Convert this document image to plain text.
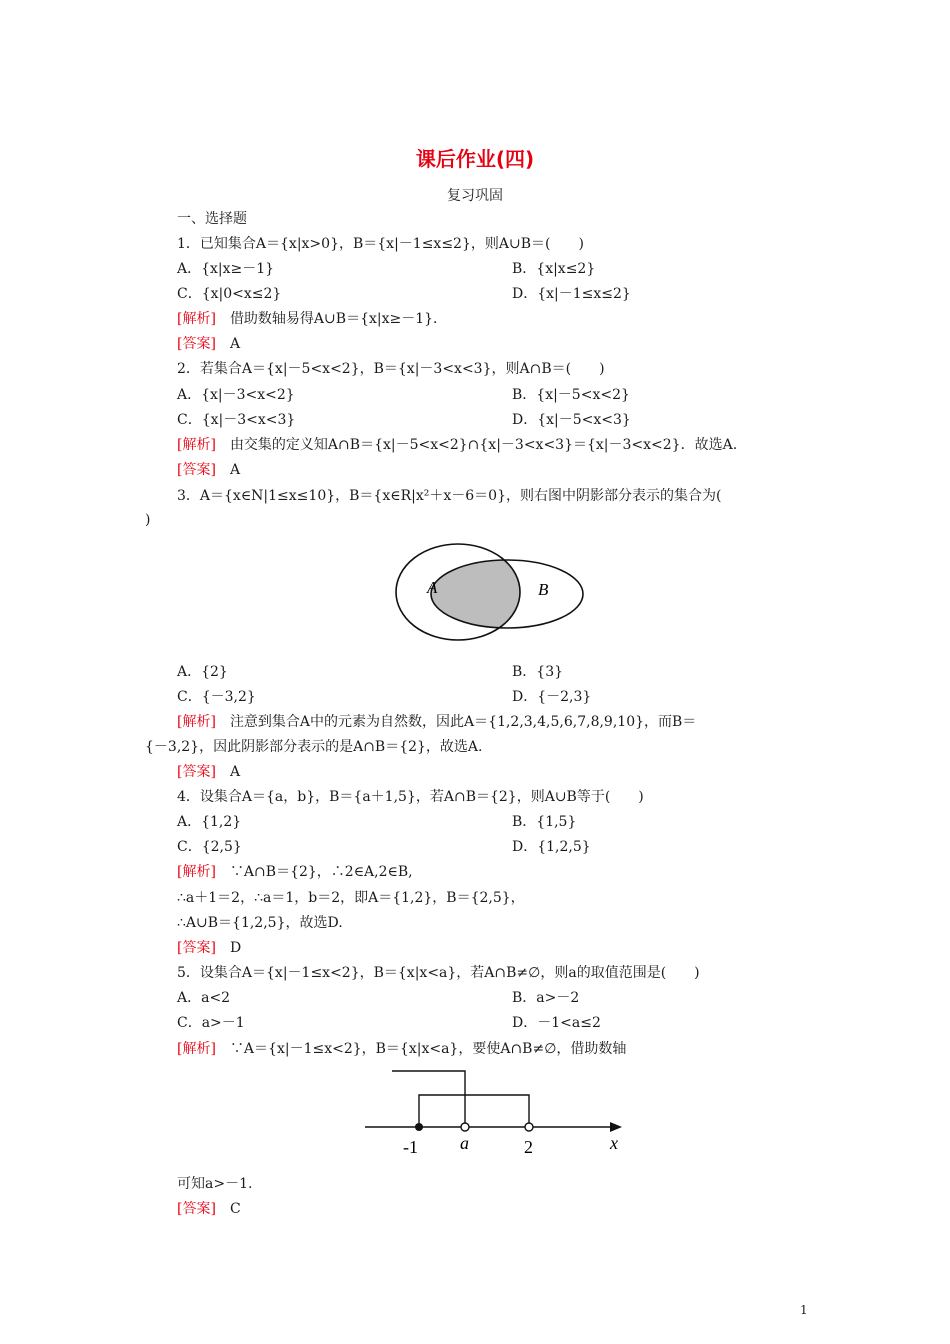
课后作业(四)
复习巩固
一、选择题
1．已知集合A＝{x|x>0}，B＝{x|－1≤x≤2}，则A∪B＝(　　)
A．{x|x≥－1}	B．{x|x≤2}
C．{x|0<x≤2}	D．{x|－1≤x≤2}
[解析]　 借助数轴易得A∪B＝{x|x≥－1}．
[答案]　 A
2．若集合A＝{x|－5<x<2}，B＝{x|－3<x<3}，则A∩B＝(　　)
A．{x|－3<x<2}	B．{x|－5<x<2}
C．{x|－3<x<3}	D．{x|－5<x<3}
[解析]　 由交集的定义知A∩B＝{x|－5<x<2}∩{x|－3<x<3}＝{x|－3<x<2}．故选A.
[答案]　 A
3．A＝{x∈N|1≤x≤10}，B＝{x∈R|x²＋x－6＝0}，则右图中阴影部分表示的集合为(
)
A	B
A．{2}	B．{3}
C．{－3,2}	D．{－2,3}
[解析]　 注意到集合A中的元素为自然数，因此A＝{1,2,3,4,5,6,7,8,9,10}，而B＝
{－3,2}，因此阴影部分表示的是A∩B＝{2}，故选A.
[答案]　 A
4．设集合A＝{a，b}，B＝{a＋1,5}，若A∩B＝{2}，则A∪B等于(　　)
A．{1,2}	B．{1,5}
C．{2,5}	D．{1,2,5}
[解析]　 ∵A∩B＝{2}，∴2∈A,2∈B,
∴a＋1＝2，∴a＝1，b＝2，即A＝{1,2}，B＝{2,5}，
∴A∪B＝{1,2,5}，故选D.
[答案]　 D
5．设集合A＝{x|－1≤x<2}，B＝{x|x<a}，若A∩B≠∅，则a的取值范围是(　　)
A．a<2	B．a>－2
C．a>－1	D．－1<a≤2
[解析]　 ∵A＝{x|－1≤x<2}，B＝{x|x<a}，要使A∩B≠∅，借助数轴
-1 a	2	x
可知a>－1.
[答案]　 C
1
